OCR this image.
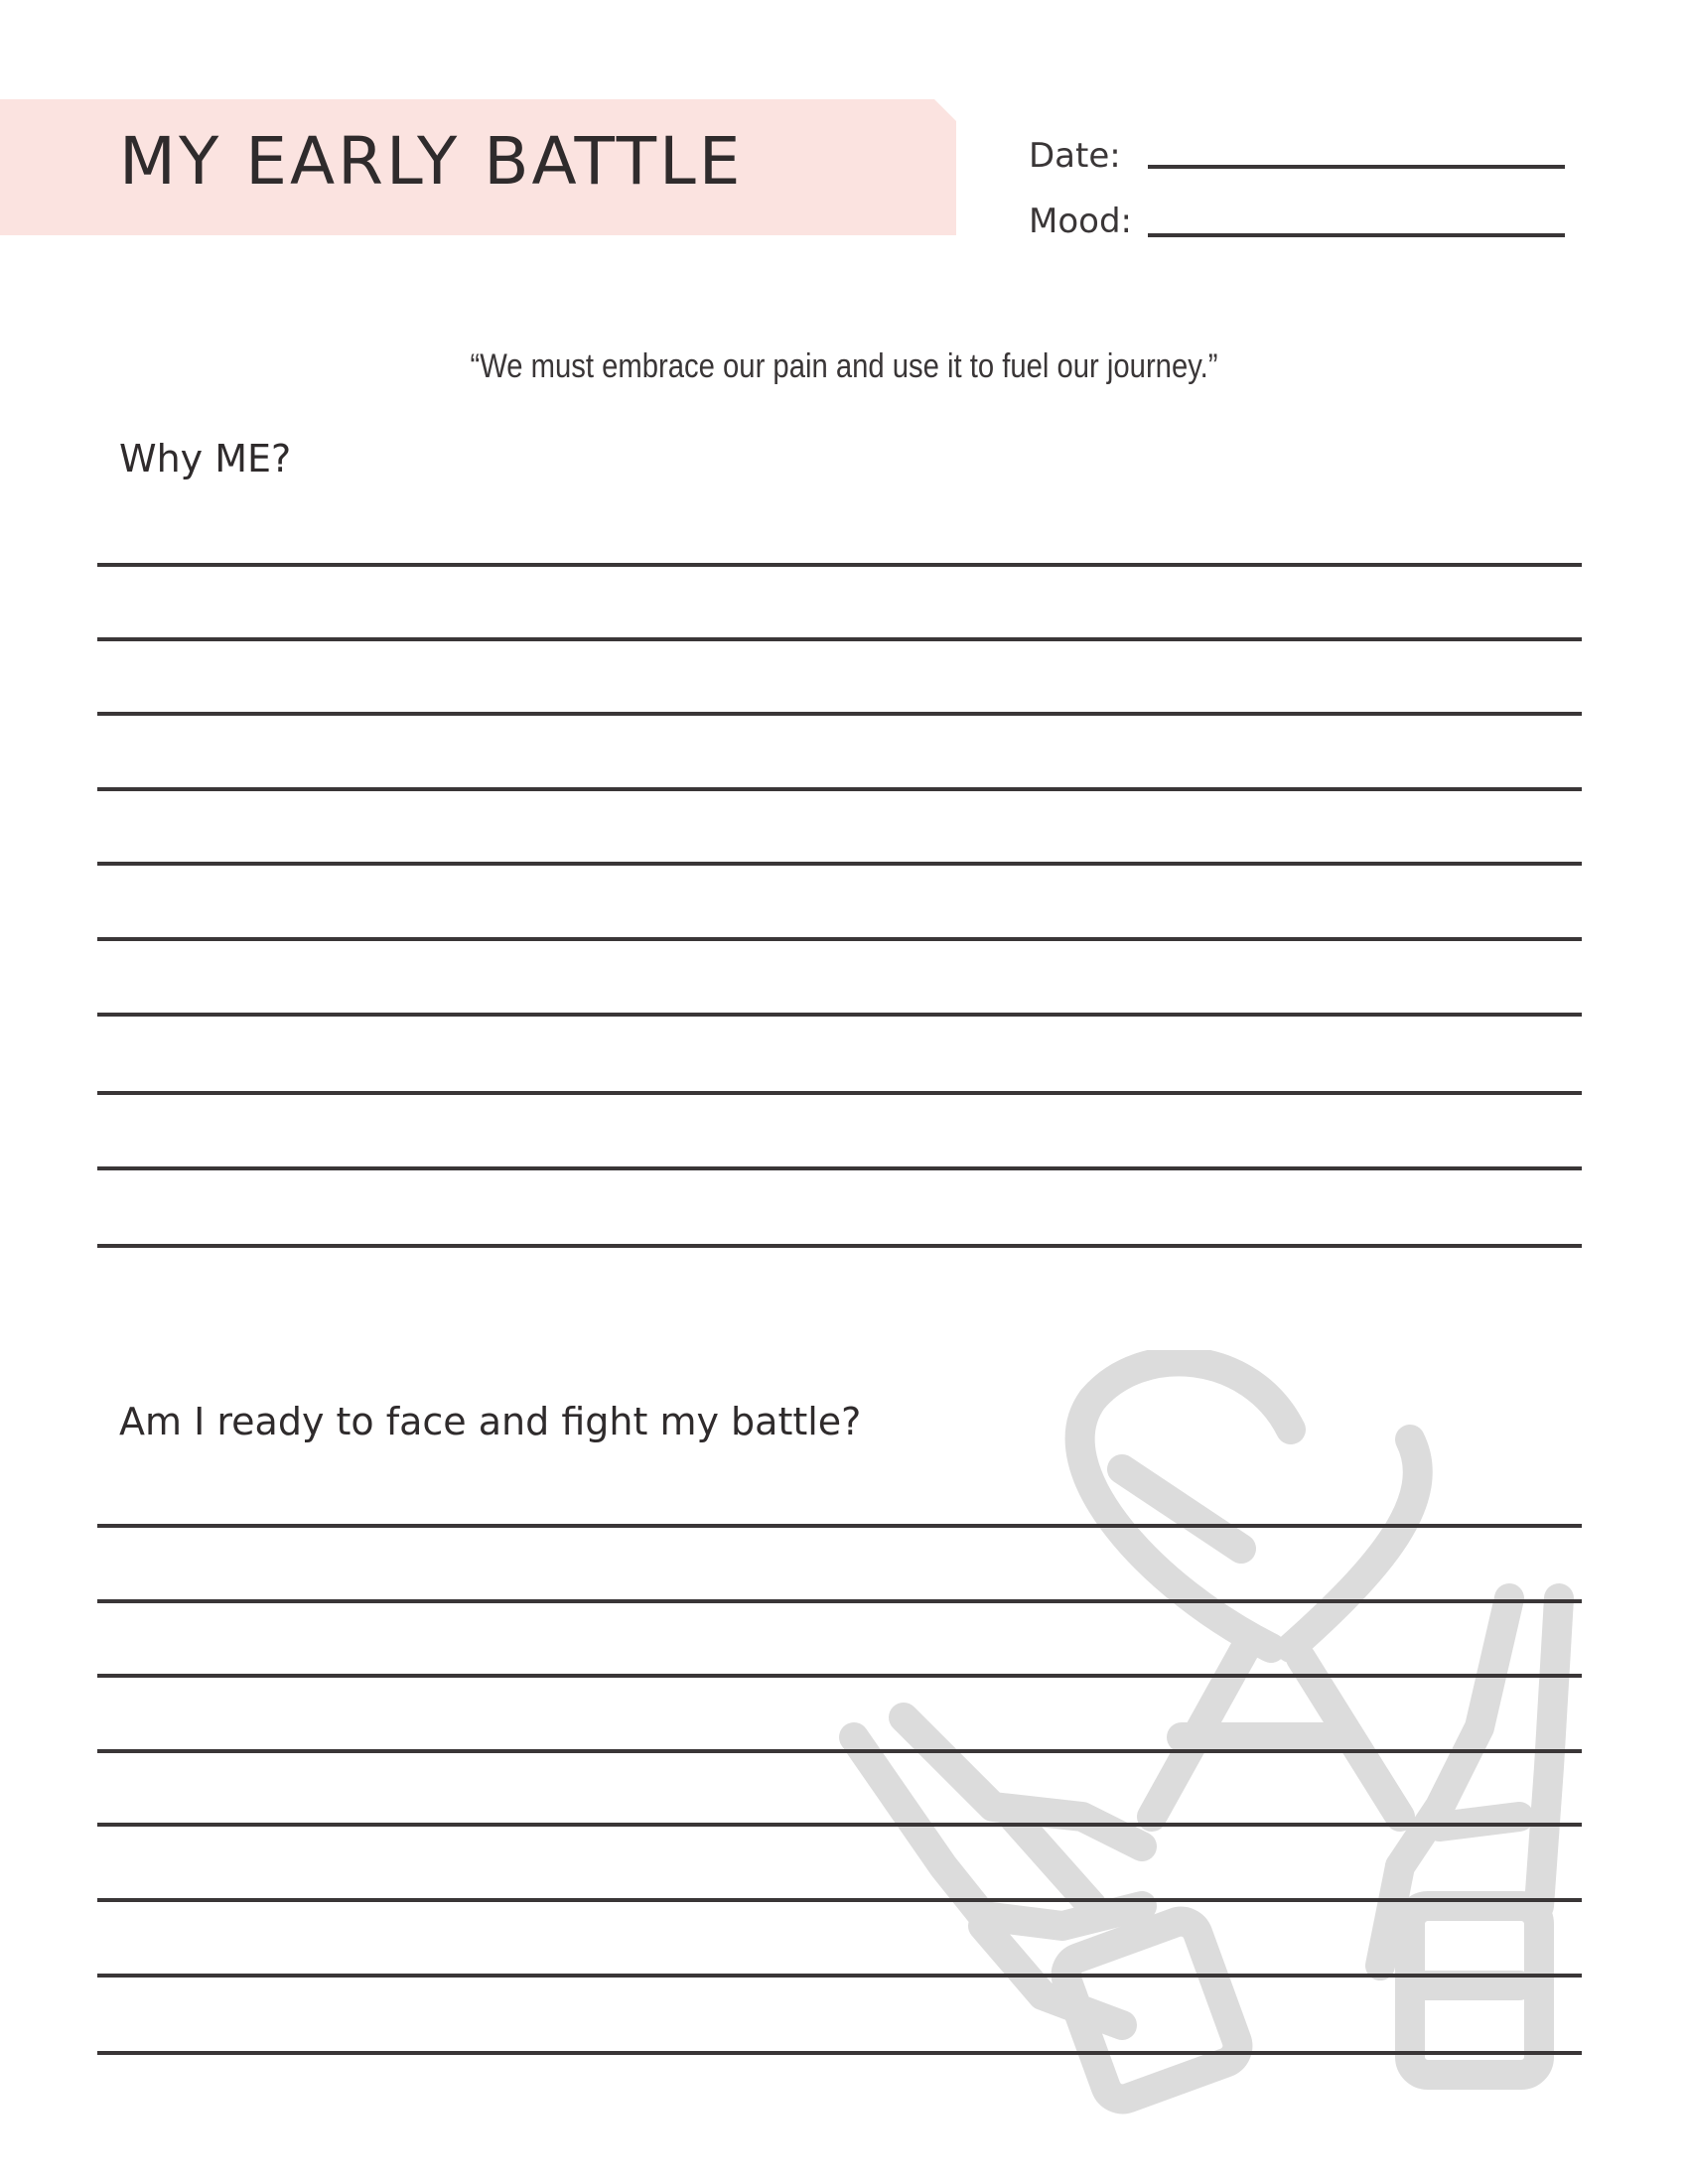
MY EARLY BATTLE	Date:
Mood:
“We must embrace our pain and use it to fuel our journey.”
Why ME?
Am I ready to face and fight my battle?
